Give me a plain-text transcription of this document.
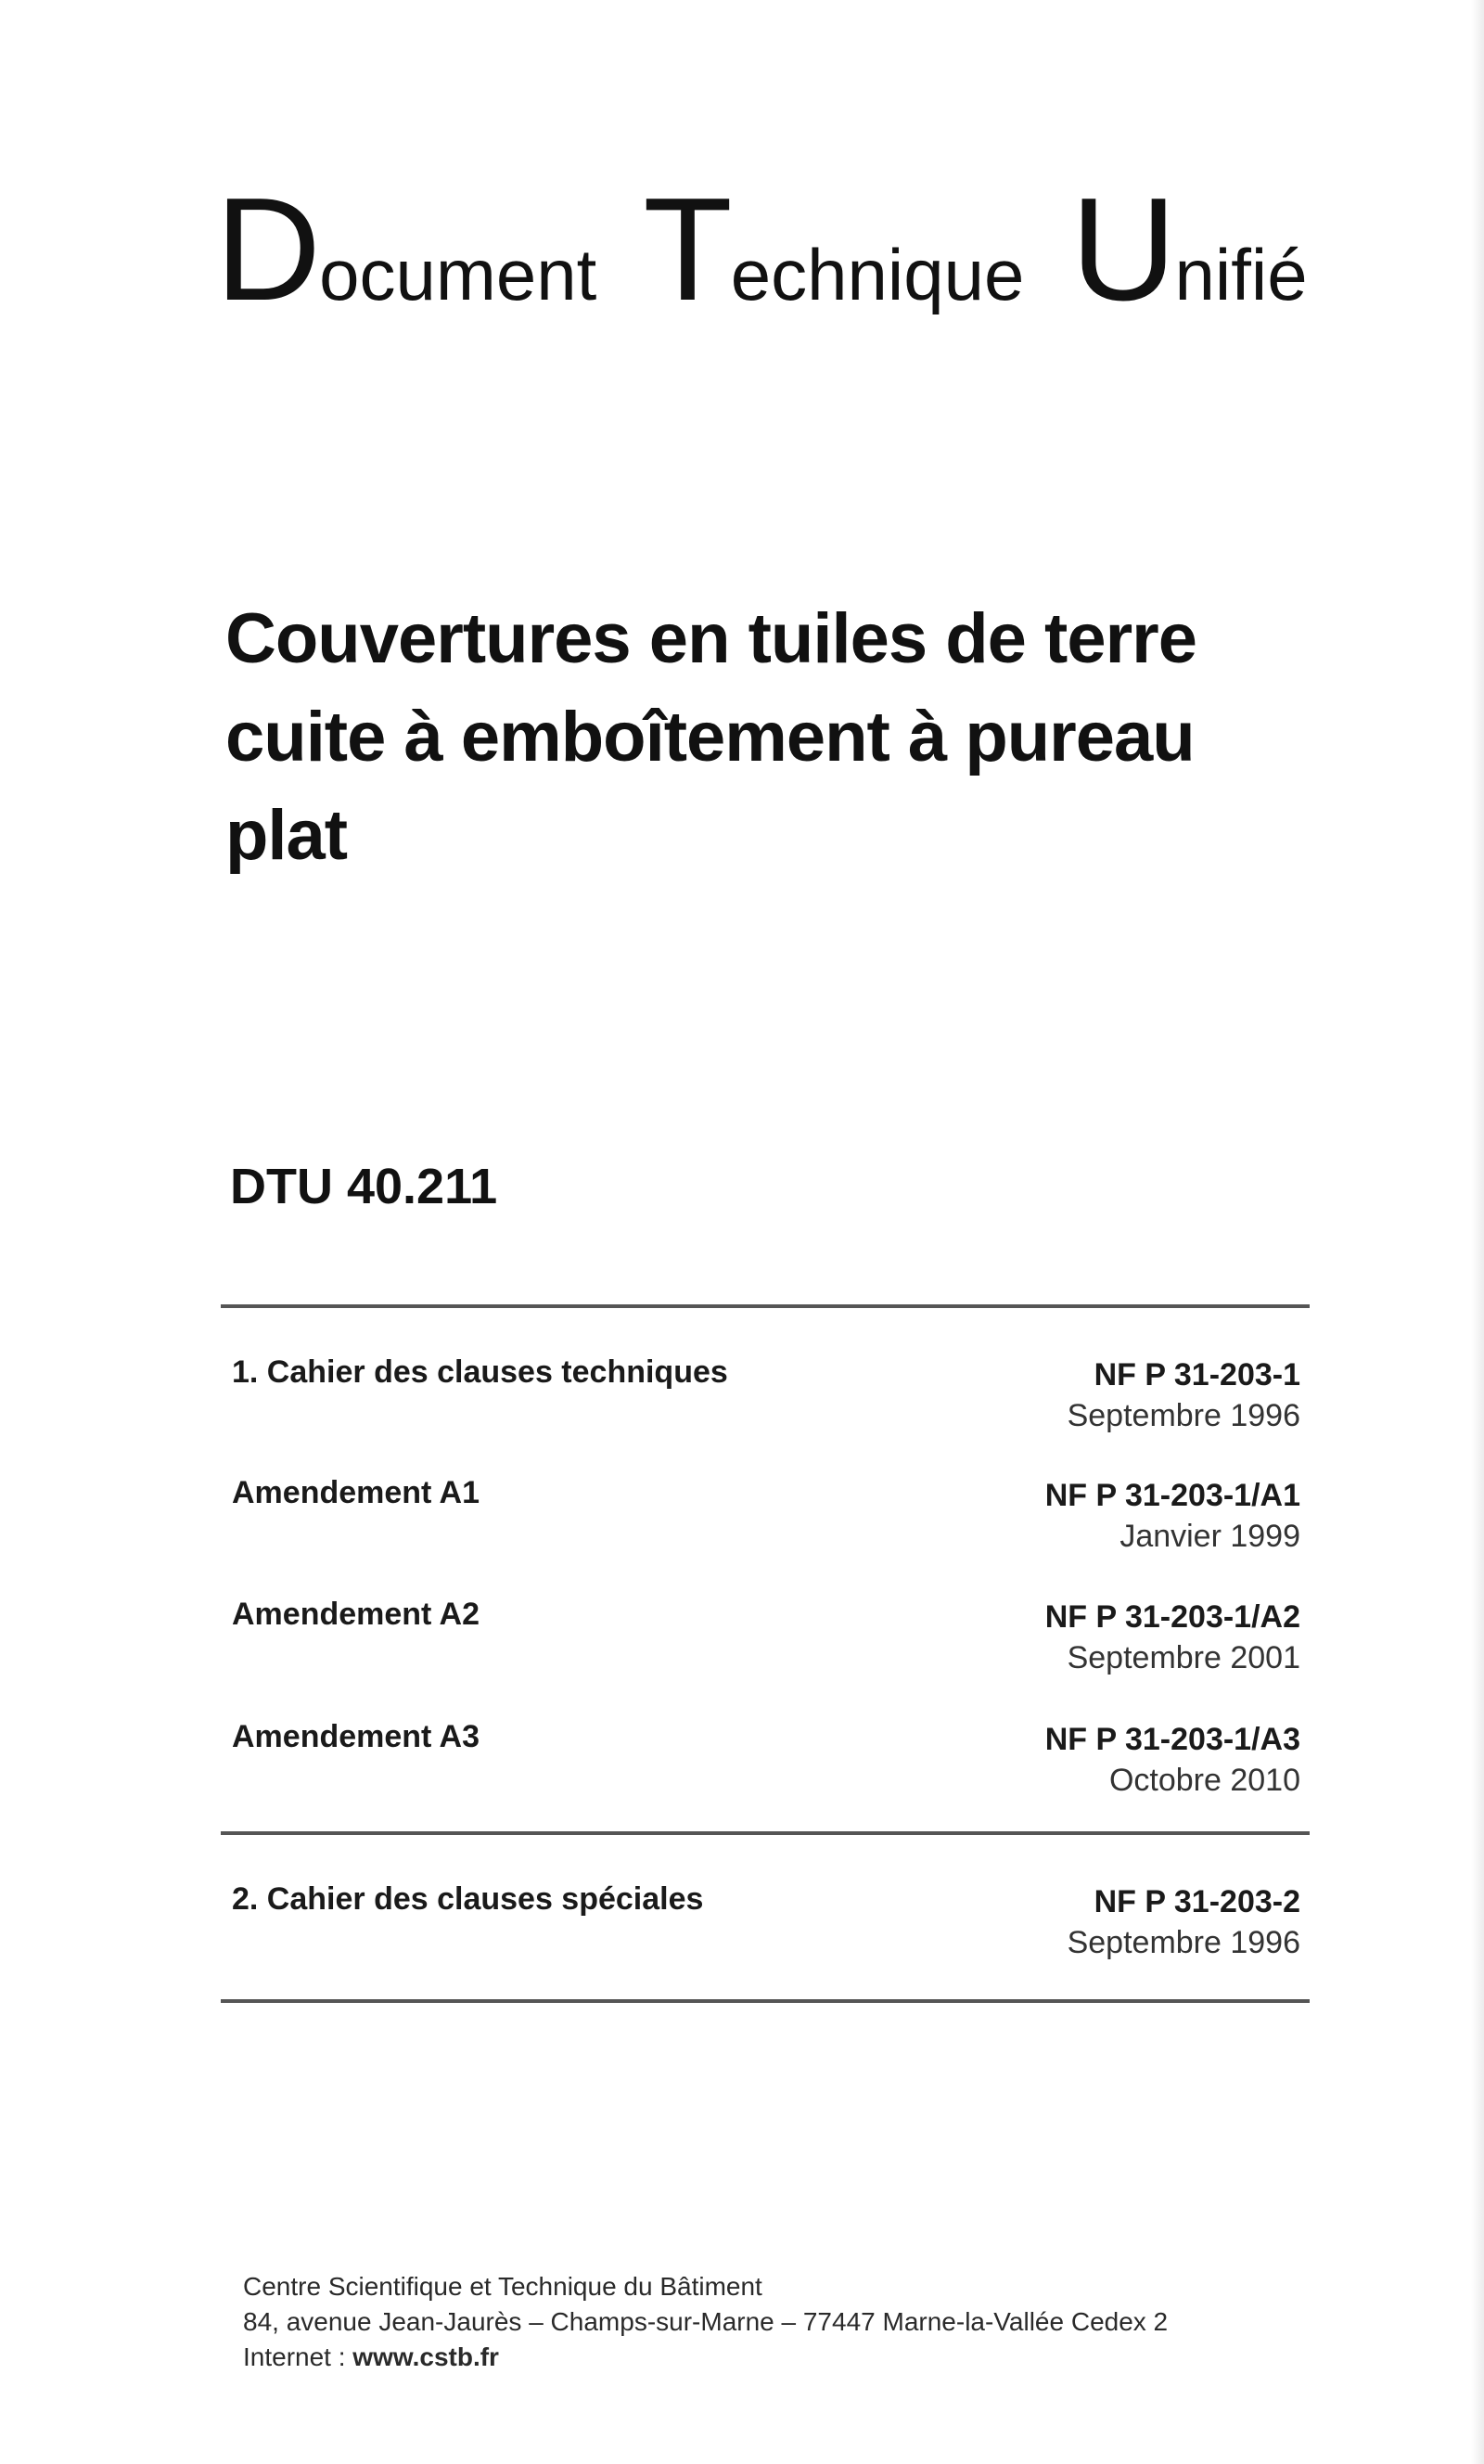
Document Technique Unifié
Couvertures en tuiles de terre
cuite à emboîtement à pureau
plat
DTU 40.211
1. Cahier des clauses techniques	NF P 31-203-1
Septembre 1996
Amendement A1	NF P 31-203-1/A1
Janvier 1999
Amendement A2	NF P 31-203-1/A2
Septembre 2001
Amendement A3	NF P 31-203-1/A3
Octobre 2010
2. Cahier des clauses spéciales	NF P 31-203-2
Septembre 1996
Centre Scientifique et Technique du Bâtiment
84, avenue Jean-Jaurès – Champs-sur-Marne – 77447 Marne-la-Vallée Cedex 2
Internet : www.cstb.fr
